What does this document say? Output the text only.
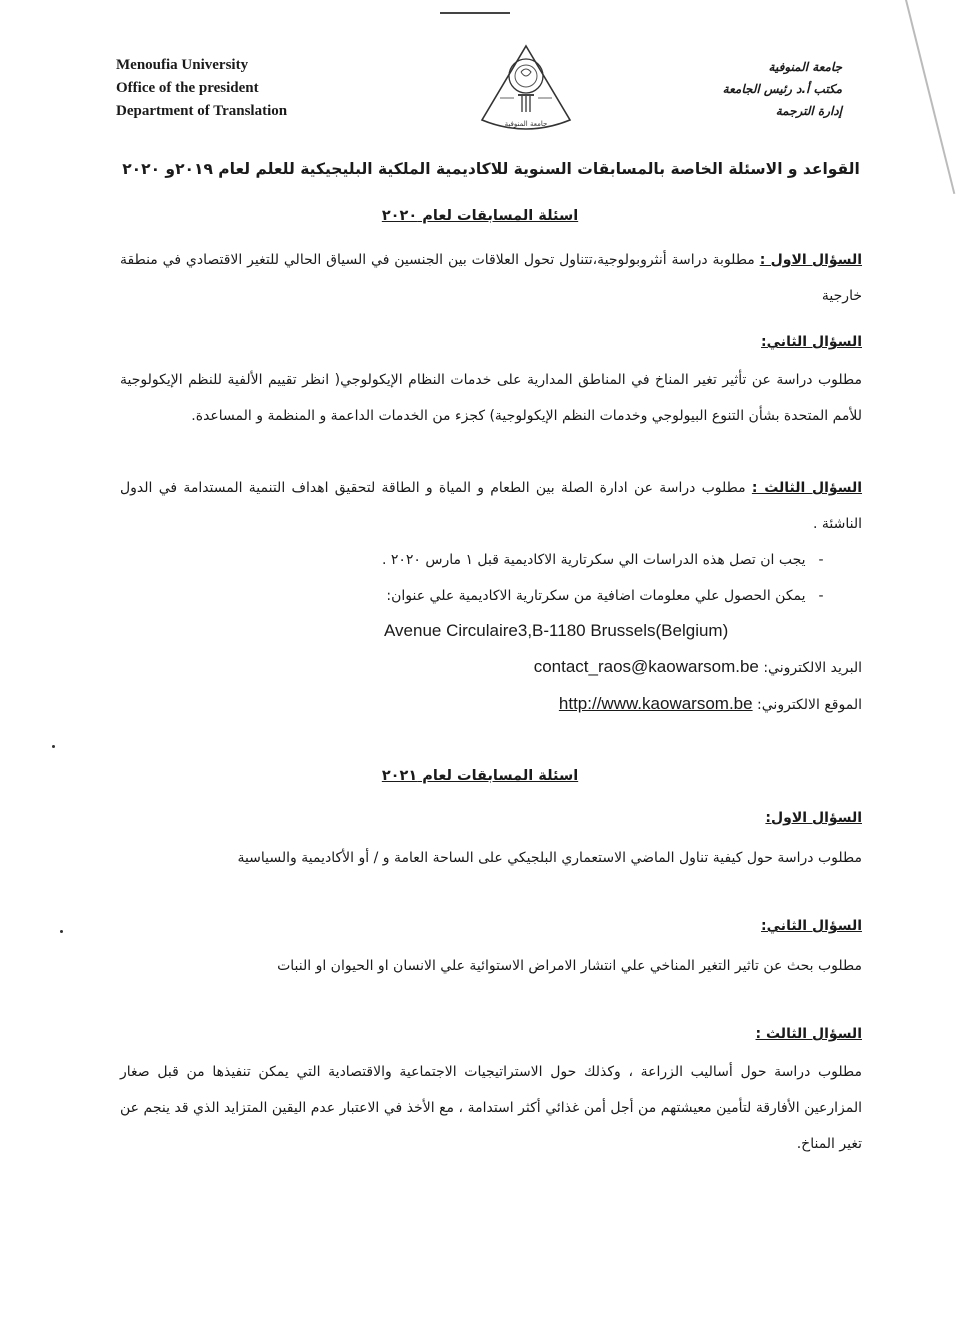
Menoufia University
Office of the president
Department of Translation
جامعة المنوفية
جامعة المنوفية
مكتب أ.د رئيس الجامعة
إدارة الترجمة
القواعد و الاسئلة الخاصة بالمسابقات السنوية للاكاديمية الملكية البليجيكية للعلم لعام ٢٠١٩و ٢٠٢٠
اسئلة المسابقات لعام ٢٠٢٠
السؤال الاول : مطلوبة دراسة أنثروبولوجية،تتناول تحول العلاقات بين الجنسين في السياق الحالي للتغير الاقتصادي في منطقة خارجية
السؤال الثاني:
مطلوب دراسة عن تأثير تغير المناخ في المناطق المدارية على خدمات النظام الإيكولوجي( انظر تقييم الألفية للنظم الإيكولوجية للأمم المتحدة بشأن التنوع البيولوجي وخدمات النظم الإيكولوجية) كجزء من الخدمات الداعمة و المنظمة و المساعدة.
السؤال الثالث : مطلوب دراسة عن ادارة الصلة بين الطعام و المياة و الطاقة لتحقيق اهداف التنمية المستدامة في الدول الناشئة .
- يجب ان تصل هذه الدراسات الي سكرتارية الاكاديمية قبل ١ مارس ٢٠٢٠ .
- يمكن الحصول علي معلومات اضافية من سكرتارية الاكاديمية علي عنوان:
Avenue Circulaire3,B-1180 Brussels(Belgium)
البريد الالكتروني: contact_raos@kaowarsom.be
الموقع الالكتروني: http://www.kaowarsom.be
اسئلة المسابقات لعام ٢٠٢١
السؤال الاول:
مطلوب دراسة حول كيفية تناول الماضي الاستعماري البلجيكي على الساحة العامة و / أو الأكاديمية والسياسية
السؤال الثاني:
مطلوب بحث عن تاثير التغير المناخي علي انتشار الامراض الاستوائية علي الانسان او الحيوان او النبات
السؤال الثالث :
مطلوب دراسة حول أساليب الزراعة ، وكذلك حول الاستراتيجيات الاجتماعية والاقتصادية التي يمكن تنفيذها من قبل صغار المزارعين الأفارقة لتأمين معيشتهم من أجل أمن غذائي أكثر استدامة ، مع الأخذ في الاعتبار عدم اليقين المتزايد الذي قد ينجم عن تغير المناخ.
